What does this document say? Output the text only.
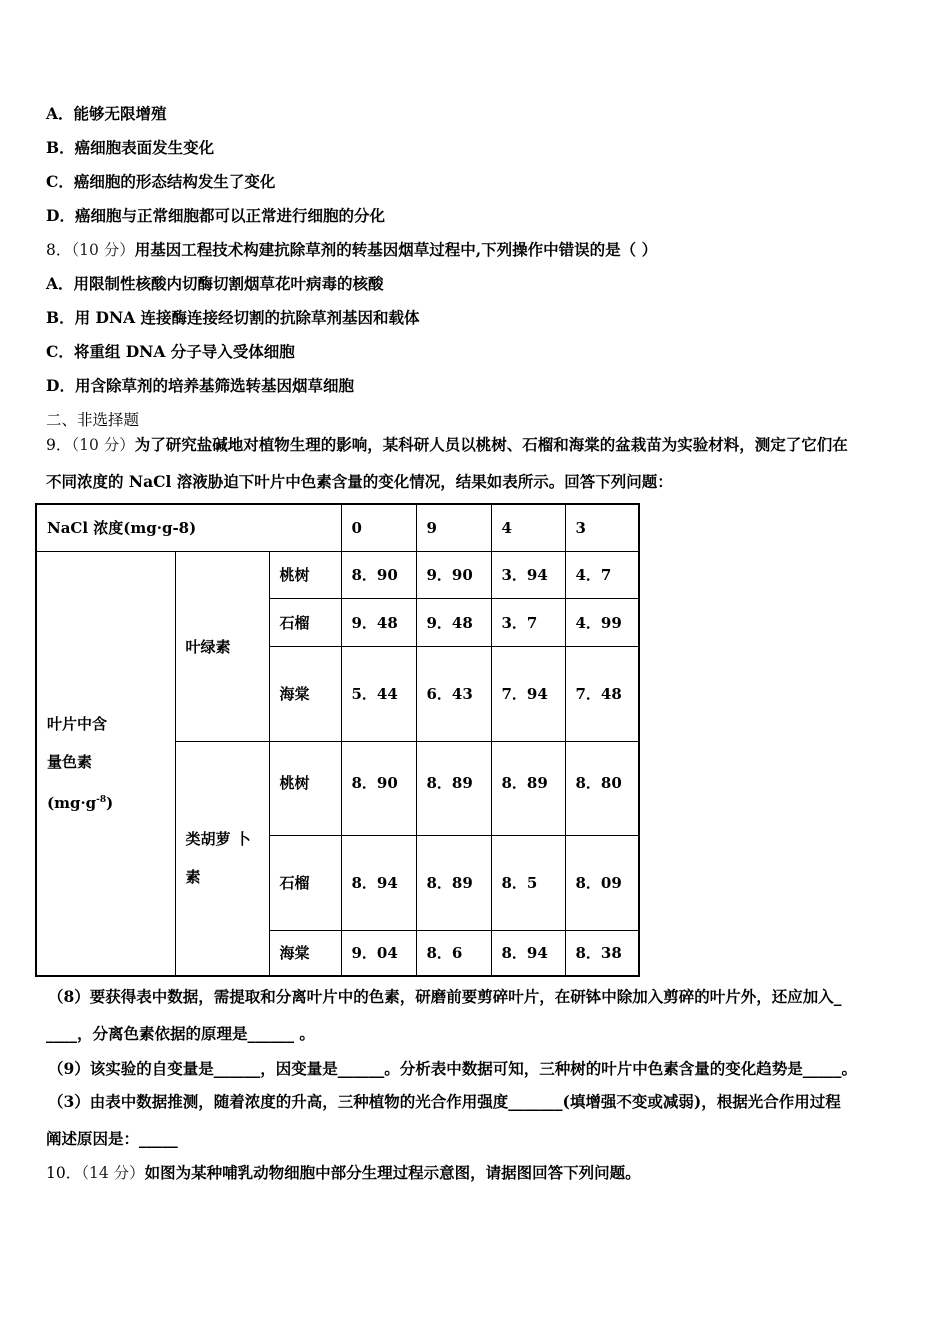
A．能够无限增殖
B．癌细胞表面发生变化
C．癌细胞的形态结构发生了变化
D．癌细胞与正常细胞都可以正常进行细胞的分化
8．（10 分）用基因工程技术构建抗除草剂的转基因烟草过程中,下列操作中错误的是（ ）
A．用限制性核酸内切酶切割烟草花叶病毒的核酸
B．用 DNA 连接酶连接经切割的抗除草剂基因和载体
C．将重组 DNA 分子导入受体细胞
D．用含除草剂的培养基筛选转基因烟草细胞
二、非选择题
9．（10 分）为了研究盐碱地对植物生理的影响，某科研人员以桃树、石榴和海棠的盆栽苗为实验材料，测定了它们在
不同浓度的 NaCl 溶液胁迫下叶片中色素含量的变化情况，结果如表所示。回答下列问题：
NaCl 浓度(mg·g-8)			0	9	4	3

叶片中含
量色素
$(mg\cdot g^{-8})$	叶绿素	桃树	8．90	9．90	3．94	4．7
		石榴	9．48	9．48	3．7	4．99
		海棠	5．44	6．43	7．94	7．48

	类胡萝 卜
素	桃树	8．90	8．89	8．89	8．80
		石榴	8．94	8．89	8．5	8．09
		海棠	9．04	8．6	8．94	8．38
（8）要获得表中数据，需提取和分离叶片中的色素，研磨前要剪碎叶片，在研钵中除加入剪碎的叶片外，还应加入_
____，分离色素依据的原理是______ 。
（9）该实验的自变量是______，因变量是______。分析表中数据可知，三种树的叶片中色素含量的变化趋势是_____。
（3）由表中数据推测，随着浓度的升高，三种植物的光合作用强度_______(填增强不变或减弱)，根据光合作用过程
阐述原因是：_____
10．（14 分）如图为某种哺乳动物细胞中部分生理过程示意图，请据图回答下列问题。
